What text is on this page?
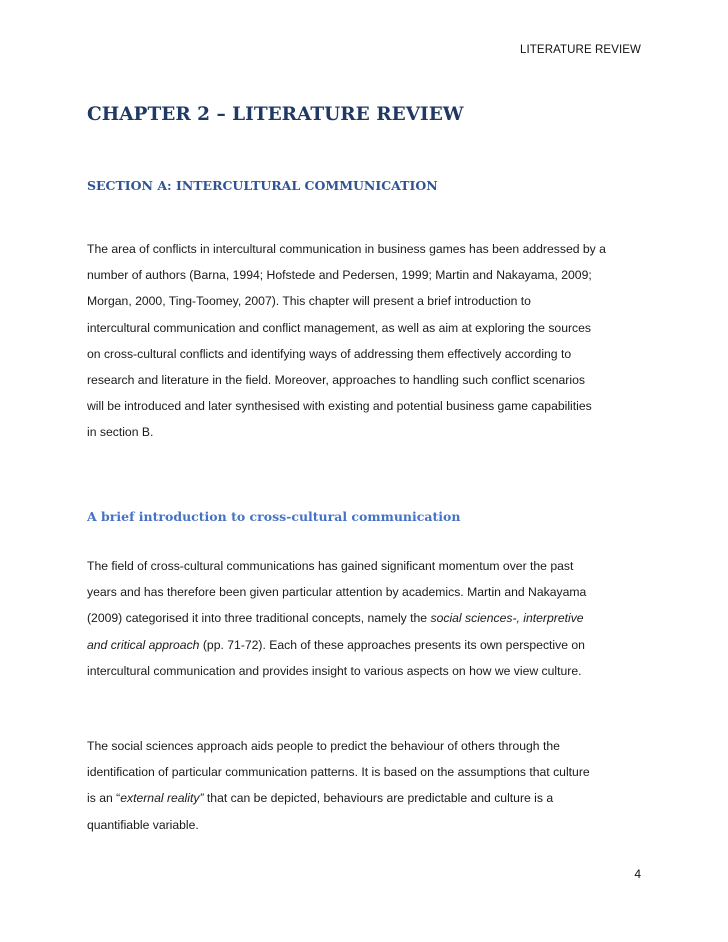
LITERATURE REVIEW
CHAPTER 2 – LITERATURE REVIEW
SECTION A: INTERCULTURAL COMMUNICATION

The area of conflicts in intercultural communication in business games has been addressed by a
number of authors (Barna, 1994; Hofstede and Pedersen, 1999; Martin and Nakayama, 2009;
Morgan, 2000, Ting-Toomey, 2007). This chapter will present a brief introduction to
intercultural communication and conflict management, as well as aim at exploring the sources
on cross-cultural conflicts and identifying ways of addressing them effectively according to
research and literature in the field. Moreover, approaches to handling such conflict scenarios
will be introduced and later synthesised with existing and potential business game capabilities
in section B.

A brief introduction to cross-cultural communication

The field of cross-cultural communications has gained significant momentum over the past
years and has therefore been given particular attention by academics. Martin and Nakayama
(2009) categorised it into three traditional concepts, namely the social sciences-, interpretive
and critical approach (pp. 71-72). Each of these approaches presents its own perspective on
intercultural communication and provides insight to various aspects on how we view culture.

The social sciences approach aids people to predict the behaviour of others through the
identification of particular communication patterns. It is based on the assumptions that culture
is an “external reality” that can be depicted, behaviours are predictable and culture is a
quantifiable variable.

4
